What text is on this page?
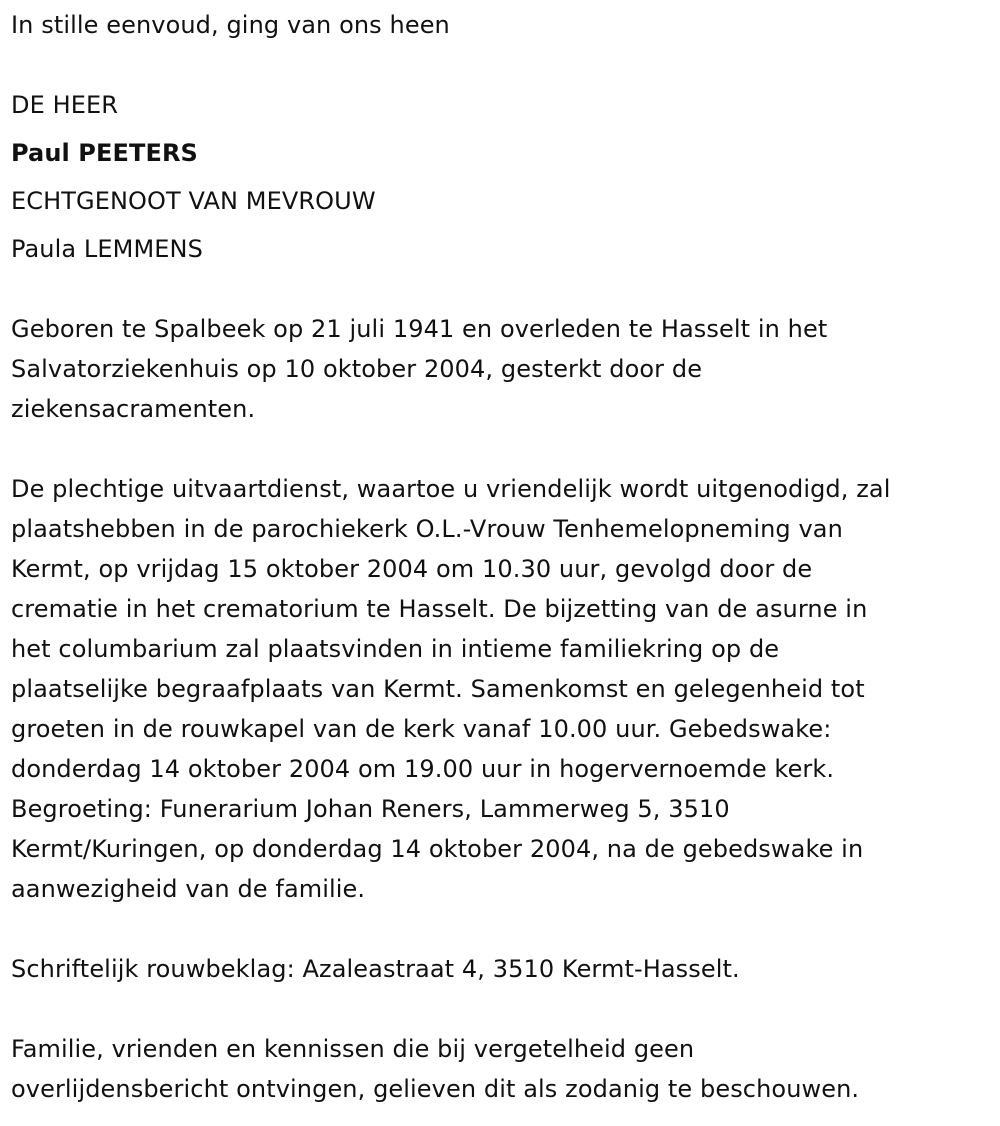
In stille eenvoud, ging van ons heen
DE HEER
Paul PEETERS
ECHTGENOOT VAN MEVROUW
Paula LEMMENS
Geboren te Spalbeek op 21 juli 1941 en overleden te Hasselt in het
Salvatorziekenhuis op 10 oktober 2004, gesterkt door de
ziekensacramenten.
De plechtige uitvaartdienst, waartoe u vriendelijk wordt uitgenodigd, zal
plaatshebben in de parochiekerk O.L.-Vrouw Tenhemelopneming van
Kermt, op vrijdag 15 oktober 2004 om 10.30 uur, gevolgd door de
crematie in het crematorium te Hasselt. De bijzetting van de asurne in
het columbarium zal plaatsvinden in intieme familiekring op de
plaatselijke begraafplaats van Kermt. Samenkomst en gelegenheid tot
groeten in de rouwkapel van de kerk vanaf 10.00 uur. Gebedswake:
donderdag 14 oktober 2004 om 19.00 uur in hogervernoemde kerk.
Begroeting: Funerarium Johan Reners, Lammerweg 5, 3510
Kermt/Kuringen, op donderdag 14 oktober 2004, na de gebedswake in
aanwezigheid van de familie.
Schriftelijk rouwbeklag: Azaleastraat 4, 3510 Kermt-Hasselt.
Familie, vrienden en kennissen die bij vergetelheid geen
overlijdensbericht ontvingen, gelieven dit als zodanig te beschouwen.
